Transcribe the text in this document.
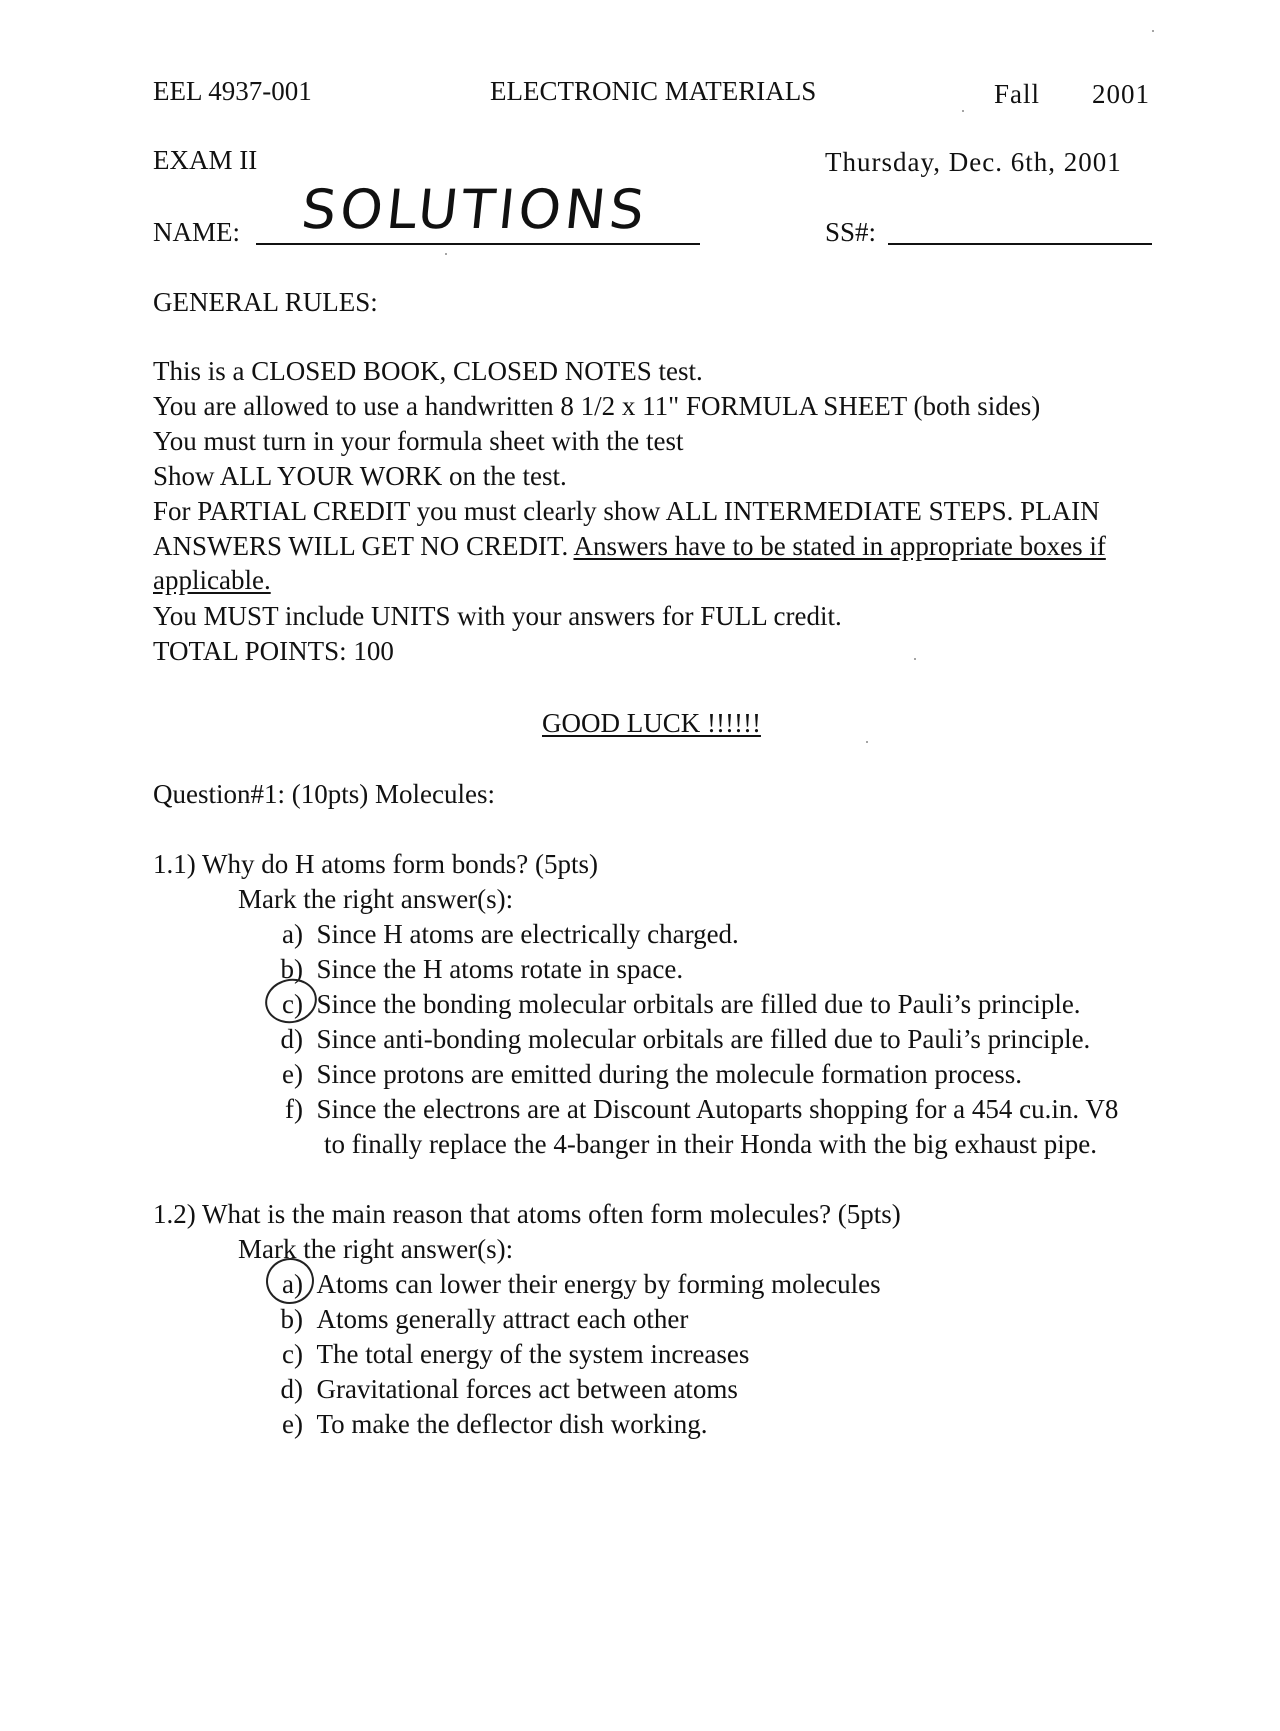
EEL 4937-001	ELECTRONIC MATERIALS	Fall 2001
EXAM II	Thursday, Dec. 6th, 2001
NAME: SOLUTIONS	SS#:
GENERAL RULES:
This is a CLOSED BOOK, CLOSED NOTES test.
You are allowed to use a handwritten 8 1/2 x 11" FORMULA SHEET (both sides)
You must turn in your formula sheet with the test
Show ALL YOUR WORK on the test.
For PARTIAL CREDIT you must clearly show ALL INTERMEDIATE STEPS. PLAIN
ANSWERS WILL GET NO CREDIT. Answers have to be stated in appropriate boxes if
applicable.
You MUST include UNITS with your answers for FULL credit.
TOTAL POINTS: 100
GOOD LUCK !!!!!!
Question#1: (10pts) Molecules:
1.1) Why do H atoms form bonds? (5pts)
Mark the right answer(s):
a) Since H atoms are electrically charged.
b) Since the H atoms rotate in space.
c) Since the bonding molecular orbitals are filled due to Pauli’s principle.
d) Since anti-bonding molecular orbitals are filled due to Pauli’s principle.
e) Since protons are emitted during the molecule formation process.
f) Since the electrons are at Discount Autoparts shopping for a 454 cu.in. V8
to finally replace the 4-banger in their Honda with the big exhaust pipe.
1.2) What is the main reason that atoms often form molecules? (5pts)
Mark the right answer(s):
a) Atoms can lower their energy by forming molecules
b) Atoms generally attract each other
c) The total energy of the system increases
d) Gravitational forces act between atoms
e) To make the deflector dish working.
